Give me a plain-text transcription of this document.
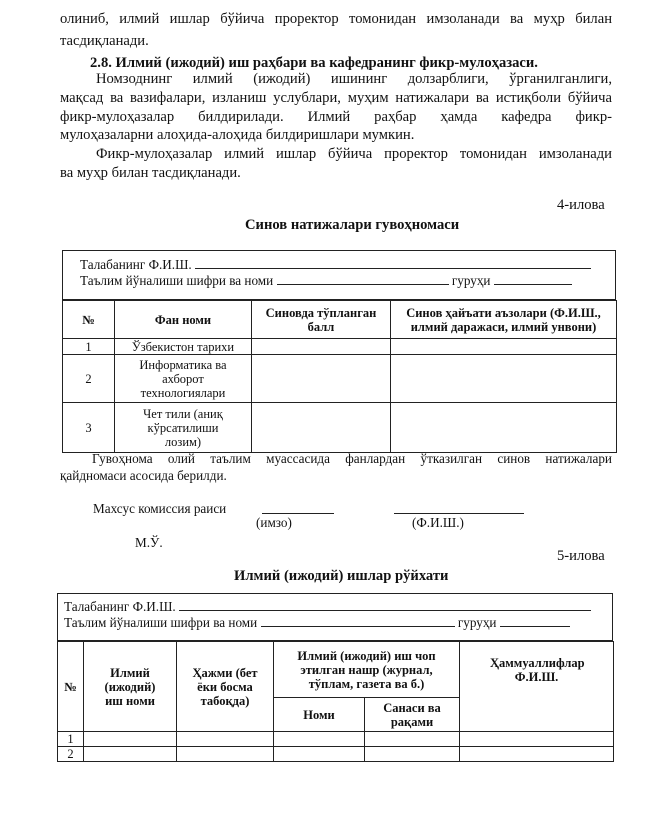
олиниб, илмий ишлар бўйича проректор томонидан имзоланади ва муҳр билан
тасдиқланади.
2.8. Илмий (ижодий) иш раҳбари ва кафедранинг фикр-мулоҳазаси.
Номзоднинг илмий (ижодий) ишининг долзарблиги, ўрганилганлиги,
мақсад ва вазифалари, изланиш услублари, муҳим натижалари ва истиқболи бўйича
фикр-мулоҳазалар билдирилади. Илмий раҳбар ҳамда кафедра фикр-
мулоҳазаларни алоҳида-алоҳида билдиришлари мумкин.
Фикр-мулоҳазалар илмий ишлар бўйича проректор томонидан имзоланади
ва муҳр билан тасдиқланади.
4-илова
Синов натижалари гувоҳномаси
Талабанинг Ф.И.Ш.
Таълим йўналиши шифри ва номи	гуруҳи
№	Фан номи	Синовда тўпланган балл	Синов ҳайъати аъзолари (Ф.И.Ш., илмий даражаси, илмий унвони)
1	Ўзбекистон тарихи		
2	Информатика ва ахборот технологиялари		
3	Чет тили (аниқ кўрсатилиши лозим)		
Гувоҳнома олий таълим муассасида фанлардан ўтказилган синов натижалари
қайдномаси асосида берилди.
Махсус комиссия раиси
(имзо)	(Ф.И.Ш.)
М.Ў.
5-илова
Илмий (ижодий) ишлар рўйхати
Талабанинг Ф.И.Ш.
Таълим йўналиши шифри ва номи	гуруҳи
№	Илмий (ижодий) иш номи	Ҳажми (бет ёки босма табоқда)	Илмий (ижодий) иш чоп этилган нашр (журнал, тўплам, газета ва б.)		Ҳаммуаллифлар Ф.И.Ш.
			Номи	Санаси ва рақами	
1					
2					
